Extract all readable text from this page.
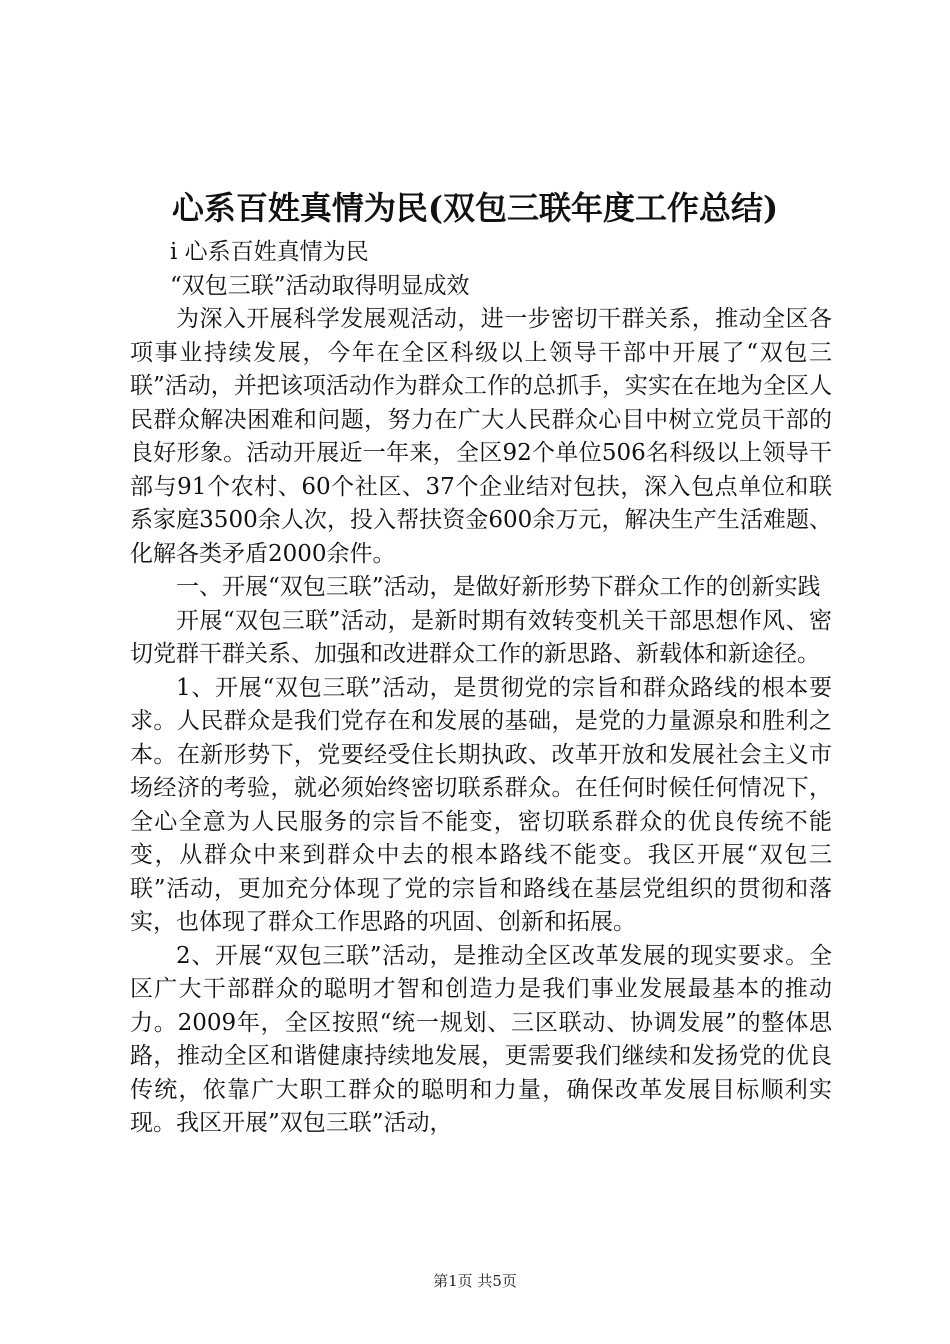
心系百姓真情为民(双包三联年度工作总结)

i 心系百姓真情为民

“双包三联”活动取得明显成效

为深入开展科学发展观活动，进一步密切干群关系，推动全区各项事业持续发展，今年在全区科级以上领导干部中开展了“双包三联”活动，并把该项活动作为群众工作的总抓手，实实在在地为全区人民群众解决困难和问题，努力在广大人民群众心目中树立党员干部的良好形象。活动开展近一年来，全区92个单位506名科级以上领导干部与91个农村、60个社区、37个企业结对包扶，深入包点单位和联系家庭3500余人次，投入帮扶资金600余万元，解决生产生活难题、化解各类矛盾2000余件。

一、开展“双包三联”活动，是做好新形势下群众工作的创新实践

开展“双包三联”活动，是新时期有效转变机关干部思想作风、密切党群干群关系、加强和改进群众工作的新思路、新载体和新途径。

1、开展“双包三联”活动，是贯彻党的宗旨和群众路线的根本要求。人民群众是我们党存在和发展的基础，是党的力量源泉和胜利之本。在新形势下，党要经受住长期执政、改革开放和发展社会主义市场经济的考验，就必须始终密切联系群众。在任何时候任何情况下，全心全意为人民服务的宗旨不能变，密切联系群众的优良传统不能变，从群众中来到群众中去的根本路线不能变。我区开展“双包三联”活动，更加充分体现了党的宗旨和路线在基层党组织的贯彻和落实，也体现了群众工作思路的巩固、创新和拓展。

2、开展“双包三联”活动，是推动全区改革发展的现实要求。全区广大干部群众的聪明才智和创造力是我们事业发展最基本的推动力。2009年，全区按照“统一规划、三区联动、协调发展”的整体思路，推动全区和谐健康持续地发展，更需要我们继续和发扬党的优良传统，依靠广大职工群众的聪明和力量，确保改革发展目标顺利实现。我区开展”双包三联”活动，

第1页 共5页
